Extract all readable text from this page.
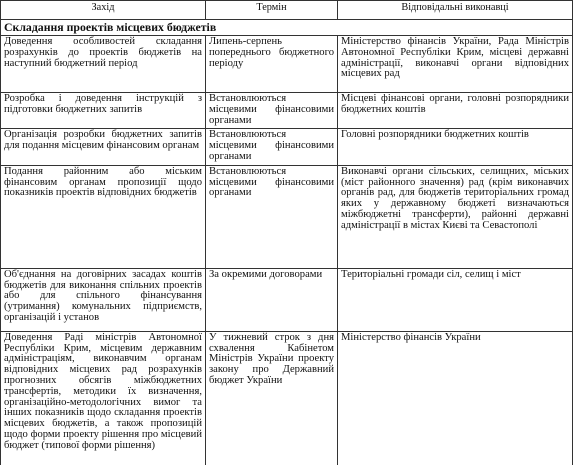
Захід	Термін	Відповідальні виконавці
Складання проектів місцевих бюджетів		
Доведення особливостей складання розрахунків до проектів бюджетів на наступний бюджетний період	Липень-серпень попереднього бюджетного періоду	Міністерство фінансів України, Рада Міністрів Автономної Республіки Крим, місцеві державні адміністрації, виконавчі органи відповідних місцевих рад
Розробка і доведення інструкцій з підготовки бюджетних запитів	Встановлюються місцевими фінансовими органами	Місцеві фінансові органи, головні розпорядники бюджетних коштів
Організація розробки бюджетних запитів для подання місцевим фінансовим органам	Встановлюються місцевими фінансовими органами	Головні розпорядники бюджетних коштів
Подання районним або міським фінансовим органам пропозиції щодо показників проектів відповідних бюджетів	Встановлюються місцевими фінансовими органами	Виконавчі органи сільських, селищних, міських (міст районного значення) рад (крім виконавчих органів рад, для бюджетів територіальних громад яких у державному бюджеті визначаються міжбюджетні трансферти), районні державні адміністрації в містах Києві та Севастополі
Об'єднання на договірних засадах коштів бюджетів для виконання спільних проектів або для спільного фінансування (утримання) комунальних підприємств, організацій і установ	За окремими договорами	Територіальні громади сіл, селищ і міст
Доведення Раді міністрів Автономної Республіки Крим, місцевим державним адміністраціям, виконавчим органам відповідних місцевих рад розрахунків прогнозних обсягів міжбюджетних трансфертів, методики їх визначення, організаційно-методологічних вимог та інших показників щодо складання проектів місцевих бюджетів, а також пропозицій щодо форми проекту рішення про місцевий бюджет (типової форми рішення)	У тижневий строк з дня схвалення Кабінетом Міністрів України проекту закону про Державний бюджет України	Міністерство фінансів України
